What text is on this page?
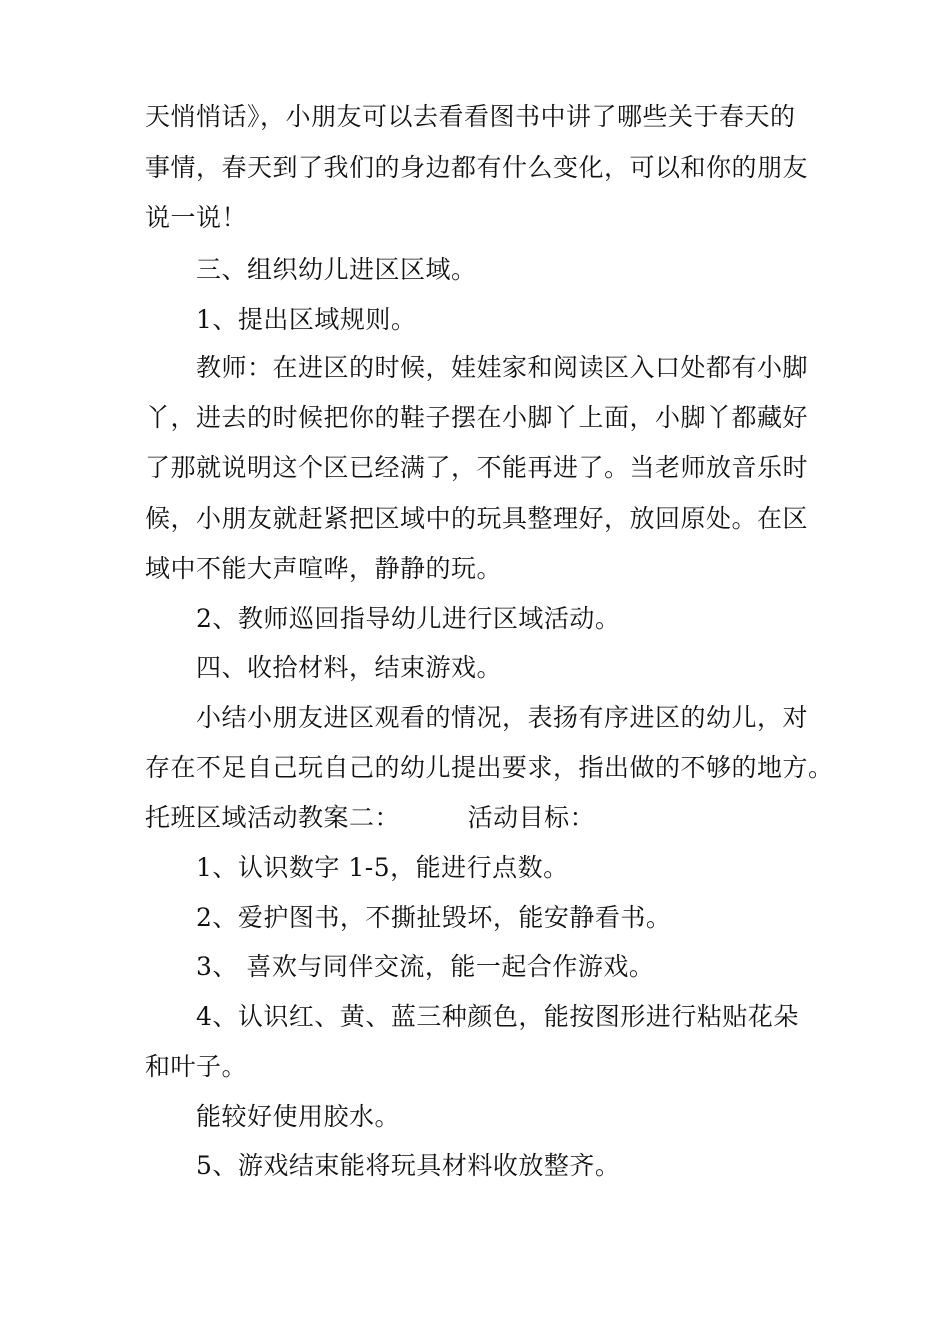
天悄悄话》，小朋友可以去看看图书中讲了哪些关于春天的
事情，春天到了我们的身边都有什么变化，可以和你的朋友
说一说！
三、组织幼儿进区区域。
1、提出区域规则。
教师：在进区的时候，娃娃家和阅读区入口处都有小脚
丫，进去的时候把你的鞋子摆在小脚丫上面，小脚丫都藏好
了那就说明这个区已经满了，不能再进了。当老师放音乐时
候，小朋友就赶紧把区域中的玩具整理好，放回原处。在区
域中不能大声喧哗，静静的玩。
2、教师巡回指导幼儿进行区域活动。
四、收拾材料，结束游戏。
小结小朋友进区观看的情况，表扬有序进区的幼儿，对
存在不足自己玩自己的幼儿提出要求，指出做的不够的地方。
托班区域活动教案二：        活动目标：
1、认识数字 1-5，能进行点数。
2、爱护图书，不撕扯毁坏，能安静看书。
3、 喜欢与同伴交流，能一起合作游戏。
4、认识红、黄、蓝三种颜色，能按图形进行粘贴花朵
和叶子。
能较好使用胶水。
5、游戏结束能将玩具材料收放整齐。
